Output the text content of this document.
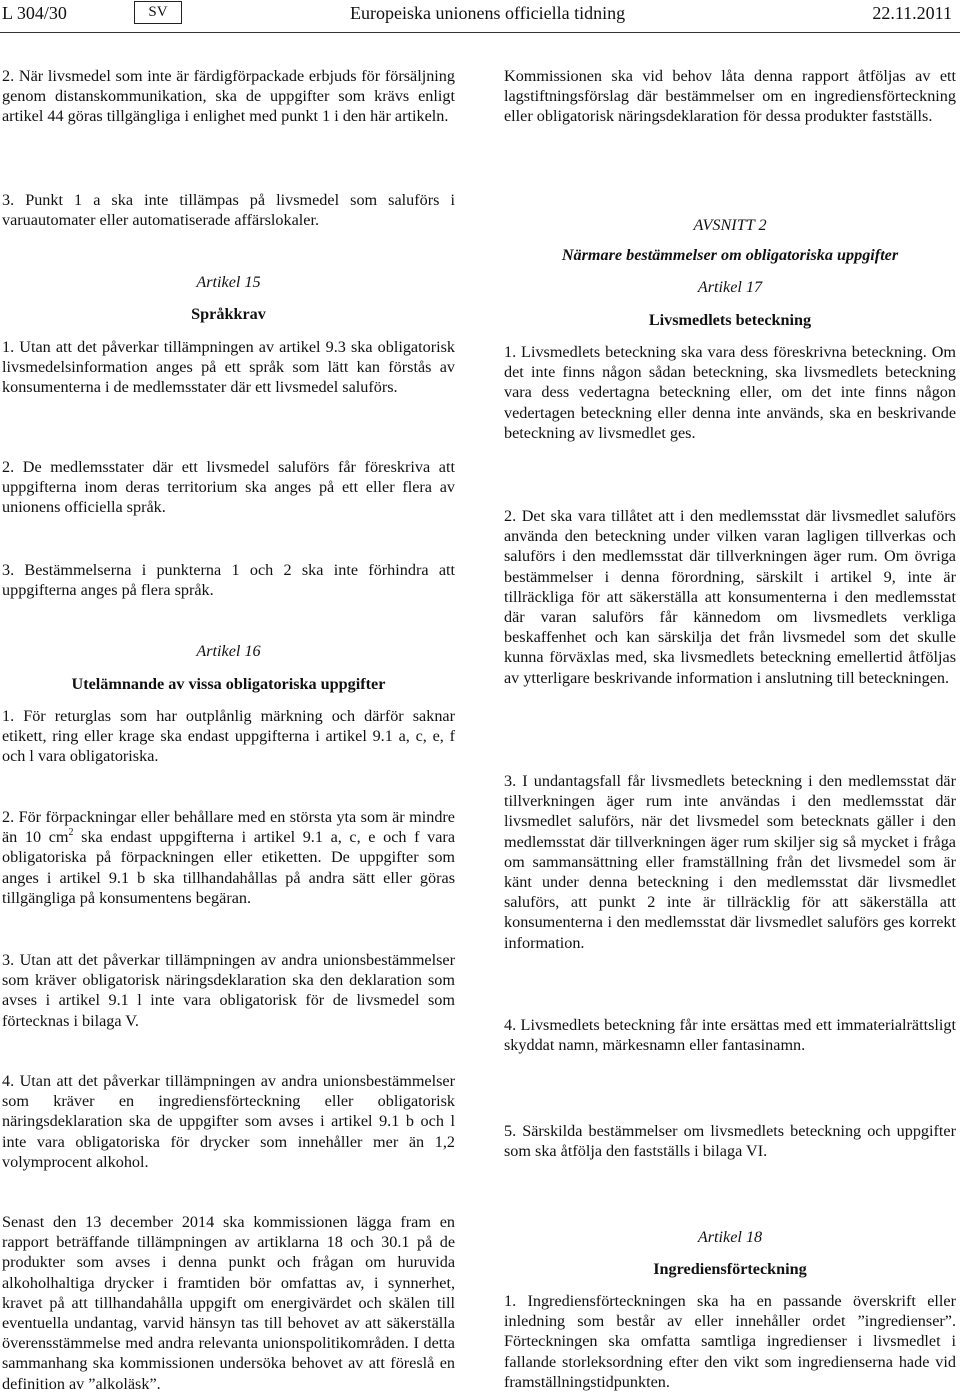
L 304/30	SV	Europeiska unionens officiella tidning	22.11.2011
2. När livsmedel som inte är färdigförpackade erbjuds för försäljning genom distanskommunikation, ska de uppgifter som krävs enligt artikel 44 göras tillgängliga i enlighet med punkt 1 i den här artikeln.
3. Punkt 1 a ska inte tillämpas på livsmedel som saluförs i varuautomater eller automatiserade affärslokaler.
Artikel 15
Språkkrav
1. Utan att det påverkar tillämpningen av artikel 9.3 ska obligatorisk livsmedelsinformation anges på ett språk som lätt kan förstås av konsumenterna i de medlemsstater där ett livsmedel saluförs.
2. De medlemsstater där ett livsmedel saluförs får föreskriva att uppgifterna inom deras territorium ska anges på ett eller flera av unionens officiella språk.
3. Bestämmelserna i punkterna 1 och 2 ska inte förhindra att uppgifterna anges på flera språk.
Artikel 16
Utelämnande av vissa obligatoriska uppgifter
1. För returglas som har outplånlig märkning och därför saknar etikett, ring eller krage ska endast uppgifterna i artikel 9.1 a, c, e, f och l vara obligatoriska.
2. För förpackningar eller behållare med en största yta som är mindre än 10 $cm^2$ ska endast uppgifterna i artikel 9.1 a, c, e och f vara obligatoriska på förpackningen eller etiketten. De uppgifter som anges i artikel 9.1 b ska tillhandahållas på andra sätt eller göras tillgängliga på konsumentens begäran.
3. Utan att det påverkar tillämpningen av andra unionsbestämmelser som kräver obligatorisk näringsdeklaration ska den deklaration som avses i artikel 9.1 l inte vara obligatorisk för de livsmedel som förtecknas i bilaga V.
4. Utan att det påverkar tillämpningen av andra unionsbestämmelser som kräver en ingrediensförteckning eller obligatorisk näringsdeklaration ska de uppgifter som avses i artikel 9.1 b och l inte vara obligatoriska för drycker som innehåller mer än 1,2 volymprocent alkohol.
Senast den 13 december 2014 ska kommissionen lägga fram en rapport beträffande tillämpningen av artiklarna 18 och 30.1 på de produkter som avses i denna punkt och frågan om huruvida alkoholhaltiga drycker i framtiden bör omfattas av, i synnerhet, kravet på att tillhandahålla uppgift om energivärdet och skälen till eventuella undantag, varvid hänsyn tas till behovet av att säkerställa överensstämmelse med andra relevanta unionspolitikområden. I detta sammanhang ska kommissionen undersöka behovet av att föreslå en definition av ”alkoläsk”.
Kommissionen ska vid behov låta denna rapport åtföljas av ett lagstiftningsförslag där bestämmelser om en ingrediensförteckning eller obligatorisk näringsdeklaration för dessa produkter fastställs.
AVSNITT 2
Närmare bestämmelser om obligatoriska uppgifter
Artikel 17
Livsmedlets beteckning
1. Livsmedlets beteckning ska vara dess föreskrivna beteckning. Om det inte finns någon sådan beteckning, ska livsmedlets beteckning vara dess vedertagna beteckning eller, om det inte finns någon vedertagen beteckning eller denna inte används, ska en beskrivande beteckning av livsmedlet ges.
2. Det ska vara tillåtet att i den medlemsstat där livsmedlet saluförs använda den beteckning under vilken varan lagligen tillverkas och saluförs i den medlemsstat där tillverkningen äger rum. Om övriga bestämmelser i denna förordning, särskilt i artikel 9, inte är tillräckliga för att säkerställa att konsumenterna i den medlemsstat där varan saluförs får kännedom om livsmedlets verkliga beskaffenhet och kan särskilja det från livsmedel som det skulle kunna förväxlas med, ska livsmedlets beteckning emellertid åtföljas av ytterligare beskrivande information i anslutning till beteckningen.
3. I undantagsfall får livsmedlets beteckning i den medlemsstat där tillverkningen äger rum inte användas i den medlemsstat där livsmedlet saluförs, när det livsmedel som betecknats gäller i den medlemsstat där tillverkningen äger rum skiljer sig så mycket i fråga om sammansättning eller framställning från det livsmedel som är känt under denna beteckning i den medlemsstat där livsmedlet saluförs, att punkt 2 inte är tillräcklig för att säkerställa att konsumenterna i den medlemsstat där livsmedlet saluförs ges korrekt information.
4. Livsmedlets beteckning får inte ersättas med ett immaterialrättsligt skyddat namn, märkesnamn eller fantasinamn.
5. Särskilda bestämmelser om livsmedlets beteckning och uppgifter som ska åtfölja den fastställs i bilaga VI.
Artikel 18
Ingrediensförteckning
1. Ingrediensförteckningen ska ha en passande överskrift eller inledning som består av eller innehåller ordet ”ingredienser”. Förteckningen ska omfatta samtliga ingredienser i livsmedlet i fallande storleksordning efter den vikt som ingredienserna hade vid framställningstidpunkten.
